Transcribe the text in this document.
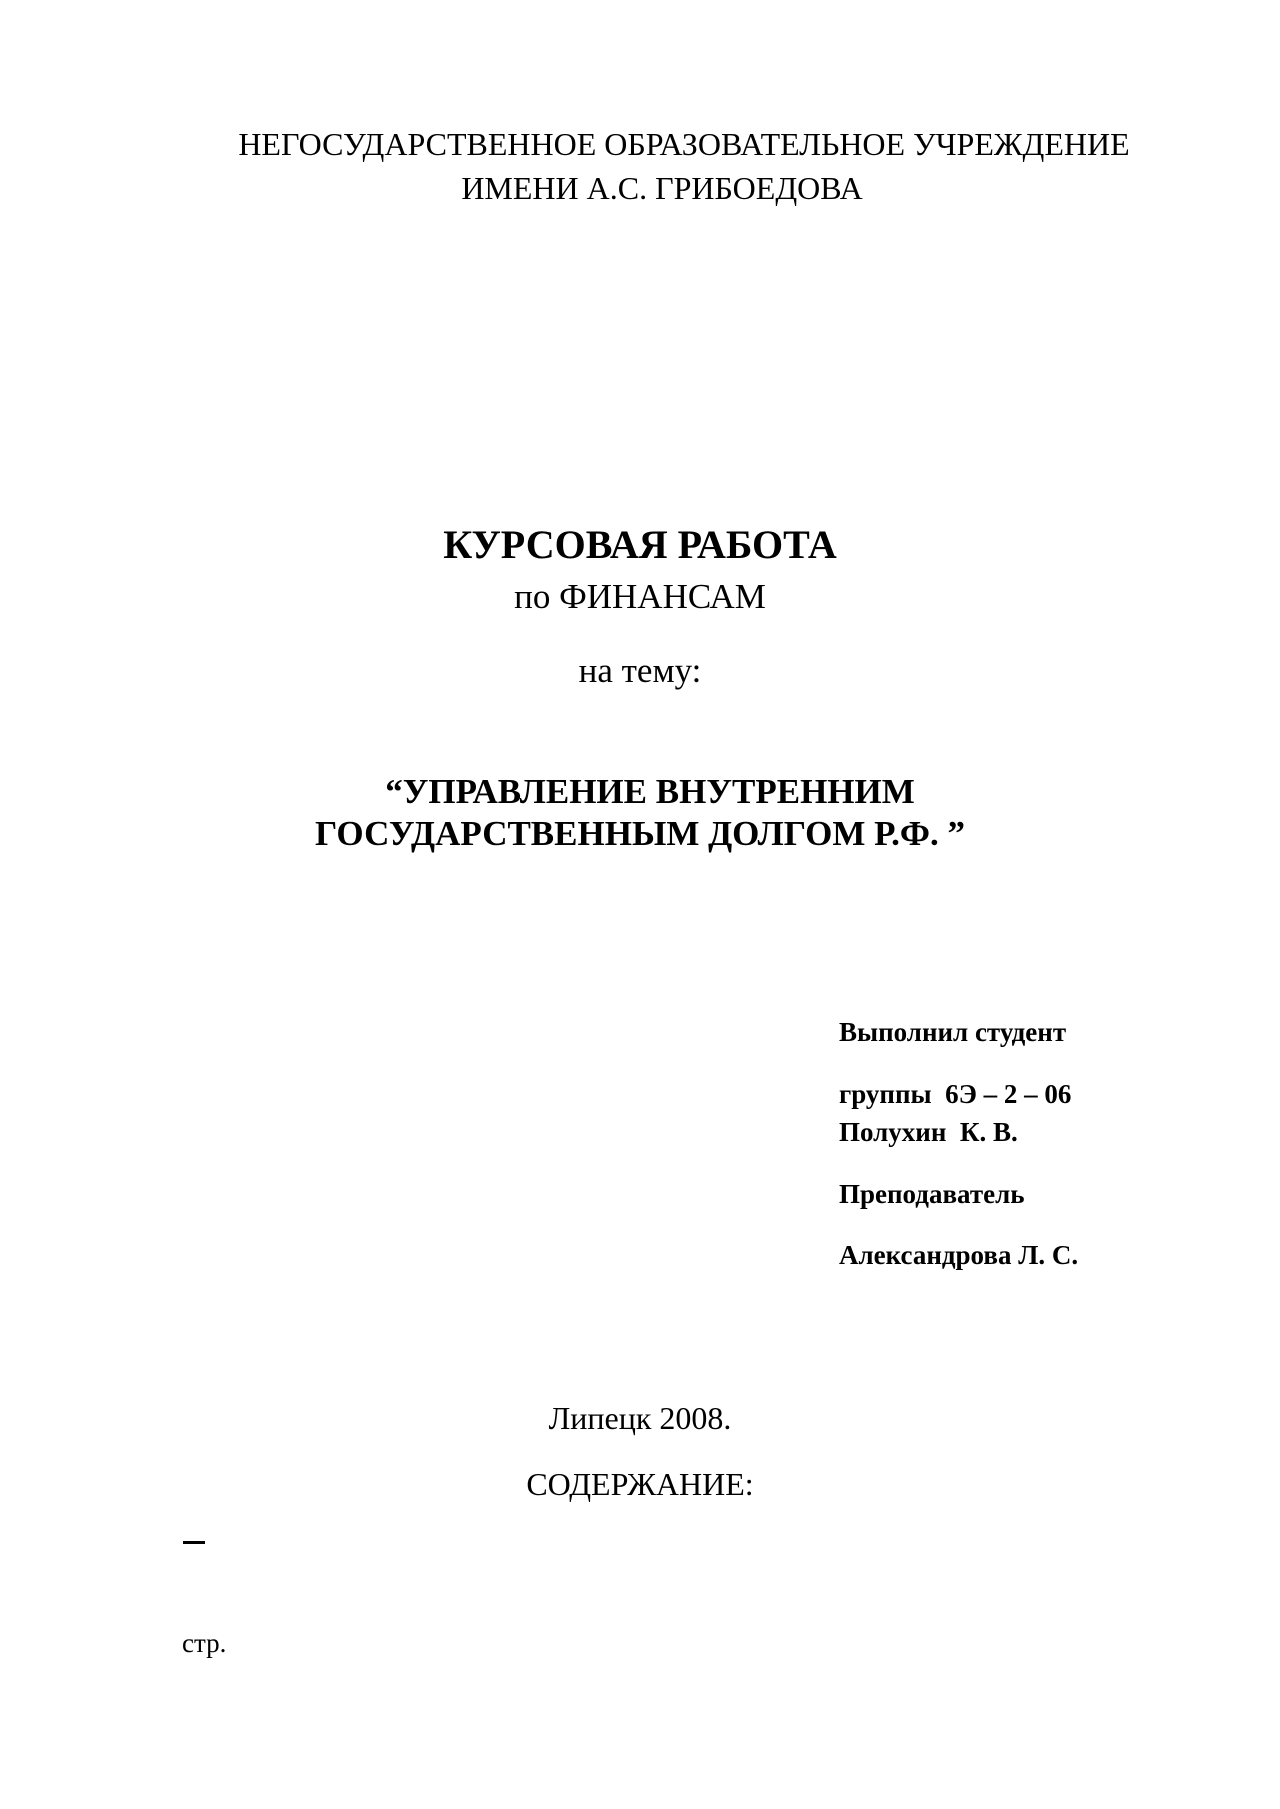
НЕГОСУДАРСТВЕННОЕ ОБРАЗОВАТЕЛЬНОЕ УЧРЕЖДЕНИЕ
ИМЕНИ А.С. ГРИБОЕДОВА

КУРСОВАЯ РАБОТА

по ФИНАНСАМ

на тему:

“УПРАВЛЕНИЕ ВНУТРЕННИМ
ГОСУДАРСТВЕННЫМ ДОЛГОМ Р.Ф. ”

Выполнил студент

группы  6Э – 2 – 06

Полухин  К. В.

Преподаватель

Александрова Л. С.

Липецк 2008.

СОДЕРЖАНИЕ:

стр.
